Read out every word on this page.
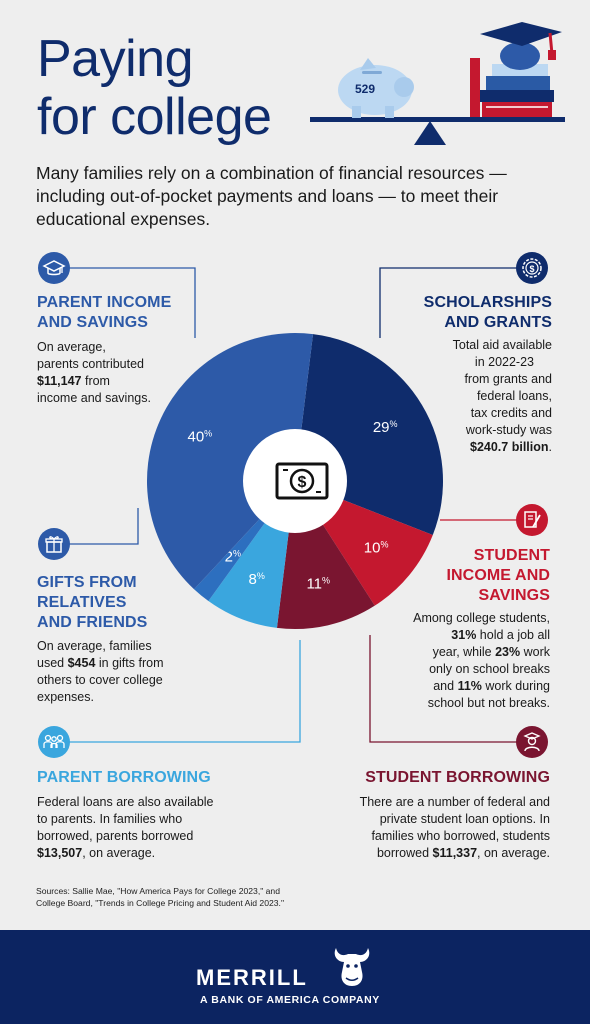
Paying
for college	529
Many families rely on a combination of financial resources — including out-of-pocket payments and loans — to meet their educational expenses.
29%
10%
11%
8%
2%
40%
$
$
PARENT INCOME
AND SAVINGS
On average,
parents contributed
$11,147 from
income and savings.
SCHOLARSHIPS
AND GRANTS
Total aid available
in 2022-23
from grants and
federal loans,
tax credits and
work-study was
$240.7 billion.
STUDENT
INCOME AND
SAVINGS
Among college students,
31% hold a job all
year, while 23% work
only on school breaks
and 11% work during
school but not breaks.
GIFTS FROM
RELATIVES
AND FRIENDS
On average, families
used $454 in gifts from
others to cover college
expenses.
PARENT BORROWING
Federal loans are also available
to parents. In families who
borrowed, parents borrowed
$13,507, on average.
STUDENT BORROWING
There are a number of federal and
private student loan options. In
families who borrowed, students
borrowed $11,337, on average.
Sources: Sallie Mae, "How America Pays for College 2023," and
College Board, "Trends in College Pricing and Student Aid 2023."
MERRILL
A BANK OF AMERICA COMPANY
